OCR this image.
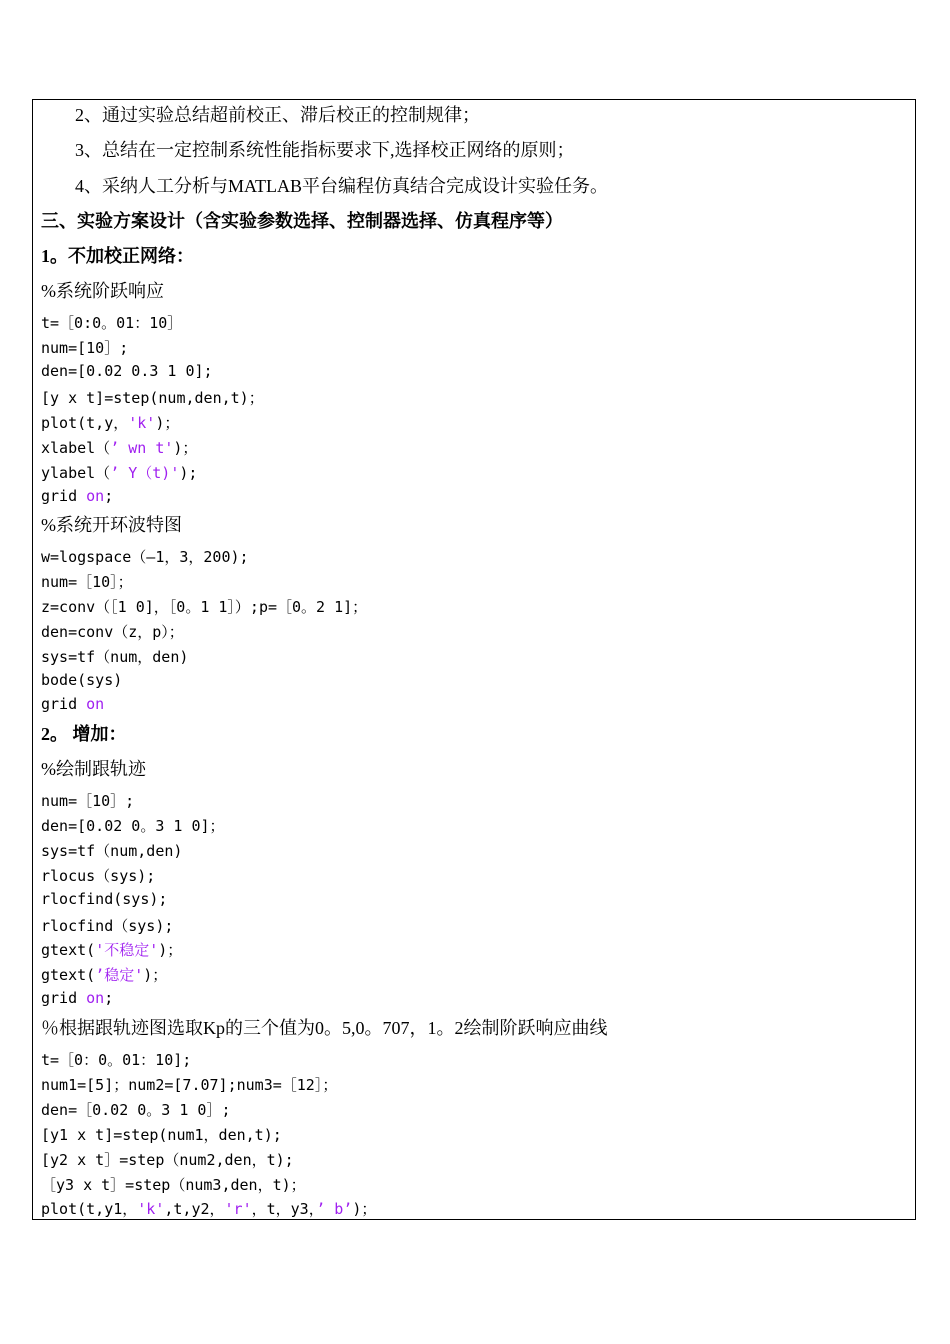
2、通过实验总结超前校正、滞后校正的控制规律；
3、总结在一定控制系统性能指标要求下,选择校正网络的原则；
4、采纳人工分析与MATLAB平台编程仿真结合完成设计实验任务。
三、实验方案设计（含实验参数选择、控制器选择、仿真程序等）
1。不加校正网络：
%系统阶跃响应
t=［0:0。01：10］
num=[10］;
den=[0.02 0.3 1 0];
[y x t]=step(num,den,t)；
plot(t,y，'k')；
xlabel（’ wn t')；
ylabel（’ Y（t)');
grid on;
%系统开环波特图
w=logspace（—1，3，200);
num=［10］；
z=conv（［1 0]，［0。1 1］）;p=［0。2 1]；
den=conv（z，p）；
sys=tf（num，den)
bode(sys)
grid on
2。 增加：
%绘制跟轨迹
num=［10］;
den=[0.02 0。3 1 0]；
sys=tf（num,den)
rlocus（sys);
rlocfind(sys);
rlocfind（sys);
gtext('不稳定')；
gtext(’稳定')；
grid on;
％根据跟轨迹图选取Kp的三个值为0。5,0。707，1。2绘制阶跃响应曲线
t=［0：0。01：10];
num1=[5]；num2=[7.07];num3=［12］；
den=［0.02 0。3 1 0］;
[y1 x t]=step(num1，den,t);
[y2 x t］=step（num2,den，t);
［y3 x t］=step（num3,den，t)；
plot(t,y1，'k',t,y2，'r'，t，y3，’ b’)；
